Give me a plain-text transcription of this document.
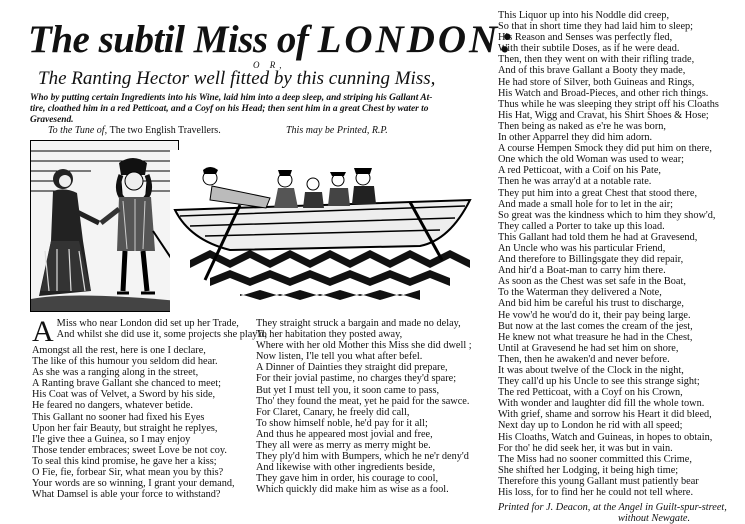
The subtil Miss of LONDON:
O R,
The Ranting Hector well fitted by this cunning Miss,
Who by putting certain Ingredients into his Wine, laid him into a deep sleep, and striping his Gallant At-
tire, cloathed him in a red Petticoat, and a Coyf on his Head; then sent him in a great Chest by water to
Gravesend.
To the Tune of, The two English Travellers.	This may be Printed, R.P.
A Miss who near London did set up her Trade,
And whilst she did use it, some projects she play'd,
Amongst all the rest, here is one I declare,
The like of this humour you seldom did hear.
As she was a ranging along in the street,
A Ranting brave Gallant she chanced to meet;
His Coat was of Velvet, a Sword by his side,
He feared no dangers, whatever betide.
This Gallant no sooner had fixed his Eyes
Upon her fair Beauty, but straight he replyes,
I'le give thee a Guinea, so I may enjoy
Those tender embraces; sweet Love be not coy.
To seal this kind promise, he gave her a kiss;
O Fie, fie, forbear Sir, what mean you by this?
Your words are so winning, I grant your demand,
What Damsel is able your force to withstand?
They straight struck a bargain and made no delay,
To her habitation they posted away,
Where with her old Mother this Miss she did dwell ;
Now listen, I'le tell you what after befel.
A Dinner of Dainties they straight did prepare,
For their jovial pastime, no charges they'd spare;
But yet I must tell you, it soon came to pass,
Tho' they found the meat, yet he paid for the sawce.
For Claret, Canary, he freely did call,
To show himself noble, he'd pay for it all;
And thus he appeared most jovial and free,
They all were as merry as merry might be.
They ply'd him with Bumpers, which he ne'r deny'd
And likewise with other ingredients beside,
They gave him in order, his courage to cool,
Which quickly did make him as wise as a fool.
This Liquor up into his Noddle did creep,
So that in short time they had laid him to sleep;
His Reason and Senses was perfectly fled,
With their subtile Doses, as if he were dead.
Then, then they went on with their rifling trade,
And of this brave Gallant a Booty they made,
He had store of Silver, both Guineas and Rings,
His Watch and Broad-Pieces, and other rich things.
Thus while he was sleeping they stript off his Cloaths
His Hat, Wigg and Cravat, his Shirt Shoes & Hose;
Then being as naked as e're he was born,
In other Apparrel they did him adorn.
A course Hempen Smock they did put him on there,
One which the old Woman was used to wear;
A red Petticoat, with a Coif on his Pate,
Then he was array'd at a notable rate.
They put him into a great Chest that stood there,
And made a small hole for to let in the air;
So great was the kindness which to him they show'd,
They called a Porter to take up this load.
This Gallant had told them he had at Gravesend,
An Uncle who was his particular Friend,
And therefore to Billingsgate they did repair,
And hir'd a Boat-man to carry him there.
As soon as the Chest was set safe in the Boat,
To the Waterman they delivered a Note,
And bid him be careful his trust to discharge,
He vow'd he wou'd do it, their pay being large.
But now at the last comes the cream of the jest,
He knew not what treasure he had in the Chest,
Until at Gravesend he had set him on shore,
Then, then he awaken'd and never before.
It was about twelve of the Clock in the night,
They call'd up his Uncle to see this strange sight;
The red Petticoat, with a Coyf on his Crown,
With wonder and laughter did fill the whole town.
With grief, shame and sorrow his Heart it did bleed,
Next day up to London he rid with all speed;
His Cloaths, Watch and Guineas, in hopes to obtain,
For tho' he did seek her, it was but in vain.
The Miss had no sooner committed this Crime,
She shifted her Lodging, it being high time;
Therefore this young Gallant must patiently bear
His loss, for to find her he could not tell where.
Printed for J. Deacon, at the Angel in Guilt-spur-street,
without Newgate.
